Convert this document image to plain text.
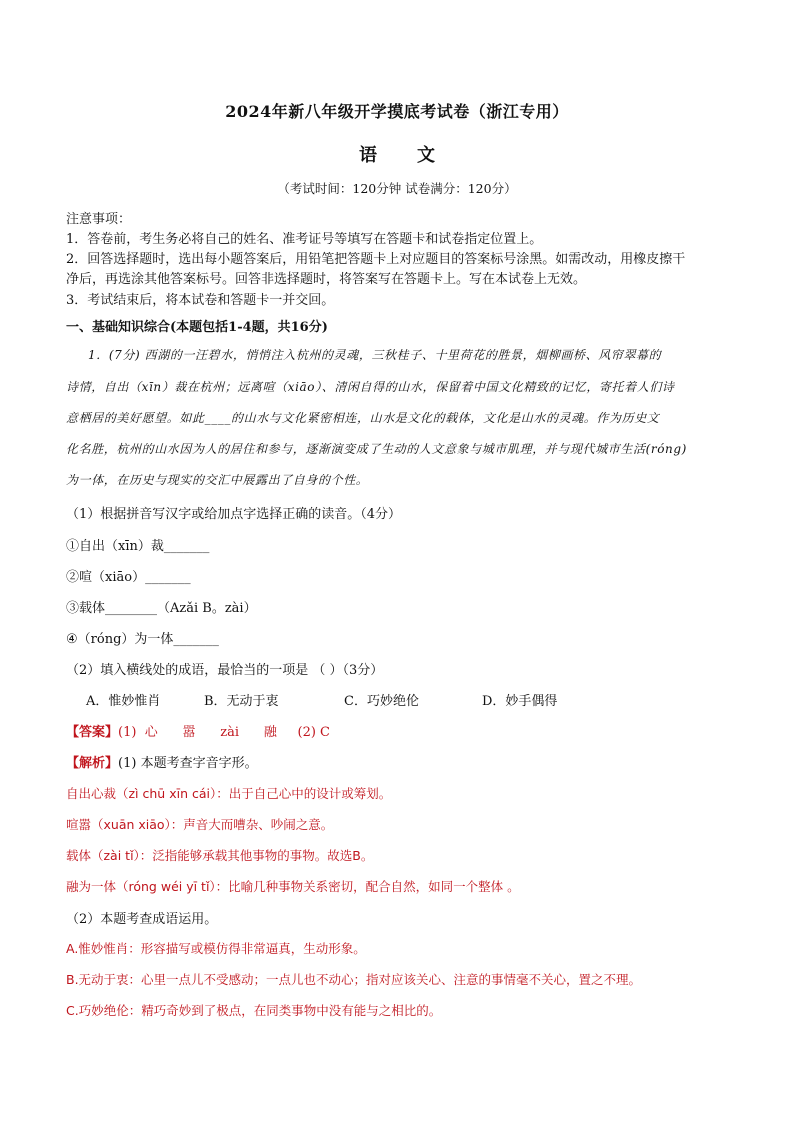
2024年新八年级开学摸底考试卷（浙江专用）
语文
（考试时间：120分钟 试卷满分：120分）
注意事项：
1．答卷前，考生务必将自己的姓名、准考证号等填写在答题卡和试卷指定位置上。
2．回答选择题时，选出每小题答案后，用铅笔把答题卡上对应题目的答案标号涂黑。如需改动，用橡皮擦干
净后，再选涂其他答案标号。回答非选择题时，将答案写在答题卡上。写在本试卷上无效。
3．考试结束后，将本试卷和答题卡一并交回。
一、基础知识综合(本题包括1-4题，共16分)
1．(7分) 西湖的一汪碧水，悄悄注入杭州的灵魂，三秋桂子、十里荷花的胜景，烟柳画桥、风帘翠幕的
诗情，自出（xīn）裁在杭州；远离喧（xiāo）、清闲自得的山水，保留着中国文化精致的记忆，寄托着人们诗
意栖居的美好愿望。如此____的山水与文化紧密相连，山水是文化的载体，文化是山水的灵魂。作为历史文
化名胜，杭州的山水因为人的居住和参与，逐渐演变成了生动的人文意象与城市肌理，并与现代城市生活(róng)
为一体，在历史与现实的交汇中展露出了自身的个性。
（1）根据拼音写汉字或给加点字选择正确的读音。（4分）
①自出（xīn）裁_______
②喧（xiāo）_______
③载体________（Azǎi B。zài）
④（róng）为一体_______
（2）填入横线处的成语，最恰当的一项是 （ ）（3分）
A．惟妙惟肖	B．无动于衷	C．巧妙绝伦	D．妙手偶得
【答案】(1)  心      嚣      zài      融     (2) C
【解析】(1) 本题考查字音字形。
自出心裁（zì chū xīn cái）：出于自己心中的设计或筹划。
喧嚣（xuān xiāo）：声音大而嘈杂、吵闹之意。
载体（zài tǐ）：泛指能够承载其他事物的事物。故选B。
融为一体（róng wéi yī tǐ）：比喻几种事物关系密切，配合自然，如同一个整体 。
（2）本题考查成语运用。
A.惟妙惟肖：形容描写或模仿得非常逼真，生动形象。
B.无动于衷：心里一点儿不受感动；一点儿也不动心；指对应该关心、注意的事情毫不关心，置之不理。
C.巧妙绝伦：精巧奇妙到了极点，在同类事物中没有能与之相比的。
